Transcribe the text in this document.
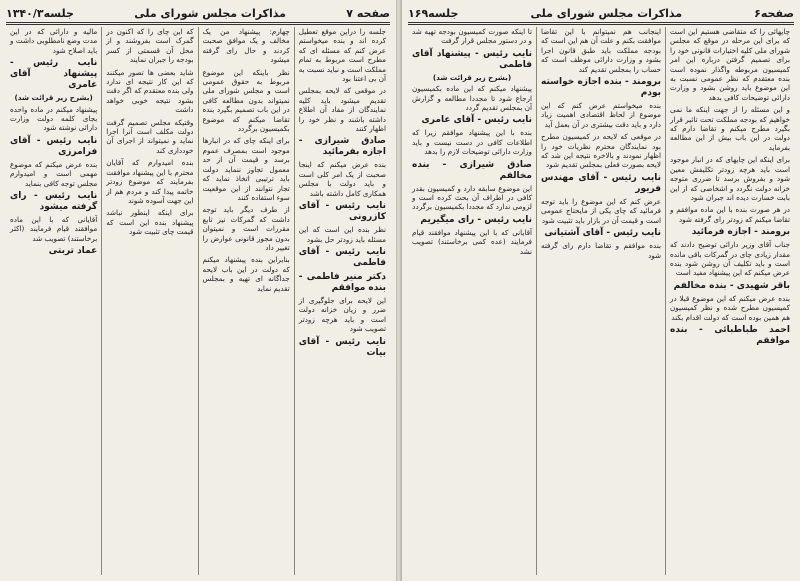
صفحه ۷
مذاکرات مجلس شورای ملی
جلسه۱۳۴۰/۳

جلسه را دراین موقع تعطیل کرده اند و بنده میخواستم عرض کنم که مسئله ای که مطرح است مربوط به تمام مملکت است و نباید نسبت به آن بی اعتنا بود

در موقعی که لایحه بمجلس تقدیم میشود باید کلیه نمایندگان از مفاد آن اطلاع داشته باشند و نظر خود را اظهار کنند

صادق شیرازی - اجازه بفرمائید

بنده عرض میکنم که اینجا صحبت از یک امر کلی است و باید دولت با مجلس همکاری کامل داشته باشد

نایب رئیس - آقای کازرونی

نظر بنده این است که این مسئله باید زودتر حل بشود

نایب رئیس - آقای فاطمی
دکتر منیر فاطمی - بنده موافقم

این لایحه برای جلوگیری از ضرر و زیان خزانه دولت است و باید هرچه زودتر تصویب شود

نایب رئیس - آقای بیات

چهارم: پیشنهاد من یک مخالف و یک موافق صحبت کردند و حال رای گرفته میشود

نظر باینکه این موضوع مربوط به حقوق عمومی است و مجلس شورای ملی نمیتواند بدون مطالعه کافی در این باب تصمیم بگیرد بنده تقاضا میکنم که موضوع بکمیسیون برگردد

برای اینکه چای که در انبارها موجود است بمصرف عموم برسد و قیمت آن از حد معمول تجاوز ننماید دولت باید ترتیبی اتخاذ نماید که تجار نتوانند از این موقعیت سوء استفاده کنند

از طرف دیگر باید توجه داشت که گمرکات نیز تابع مقررات است و نمیتوان بدون مجوز قانونی عوارض را تغییر داد

بنابراین بنده پیشنهاد میکنم که دولت در این باب لایحه جداگانه ای تهیه و بمجلس تقدیم نماید

که این چای را که اکنون در گمرک است بفروشند و از محل آن قسمتی از کسر بودجه را جبران نمایند

شاید بعضی ها تصور میکنند که این کار نتیجه ای ندارد ولی بنده معتقدم که اگر دقت بشود نتیجه خوبی خواهد داشت

وقتیکه مجلس تصمیم گرفت دولت مکلف است آنرا اجرا نماید و نمیتواند از اجرای آن خودداری کند

بنده امیدوارم که آقایان محترم با این پیشنهاد موافقت بفرمایند که موضوع زودتر خاتمه پیدا کند و مردم هم از این جهت آسوده شوند

برای اینکه اینطور نباشد پیشنهاد بنده این است که قیمت چای تثبیت شود

مالیه و دارائی که در این مدت وضع نامطلوبی داشت و باید اصلاح شود

نایب رئیس - پیشنهاد آقای عامری
(بشرح زیر قرائت شد)

پیشنهاد میکنم در ماده واحده بجای کلمه دولت وزارت دارائی نوشته شود

نایب رئیس - آقای فرامرزی

بنده عرض میکنم که موضوع مهمی است و امیدوارم مجلس توجه کافی بنماید

نایب رئیس - رای گرفته میشود

آقایانی که با این ماده موافقند قیام فرمایند (اکثر برخاستند) تصویب شد

عماد تربتی
صفحه۶
مذاکرات مجلس شورای ملی
جلسه۱۶۹

چایهائی را که متقاضی هستیم این است که برای این مرحله در موقع که مجلس شورای ملی کلیه اختیارات قانونی خود را برای تصمیم گرفتن درباره این امر کمیسیون مربوطه واگذار نموده است بنده معتقدم که نظر عمومی نسبت به این موضوع باید روشن بشود و وزارت دارائی توضیحات کافی بدهد

و این مسئله را از جهت اینکه ما نمی خواهیم که بودجه مملکت تحت تاثیر قرار بگیرد مطرح میکنم و تقاضا دارم که دولت در این باب بیش از این مطالعه بفرماید

برای اینکه این چایهای که در انبار موجود است باید هرچه زودتر تکلیفش معین شود و بفروش برسد تا ضرری متوجه خزانه دولت نگردد و اشخاصی که از این بابت خسارت دیده اند جبران شود

در هر صورت بنده با این ماده موافقم و تقاضا میکنم که زودتر رای گرفته شود

برومند - اجازه فرمائید

جناب آقای وزیر دارائی توضیح دادند که مقدار زیادی چای در گمرکات باقی مانده است و باید تکلیف آن روشن شود بنده عرض میکنم که این پیشنهاد مفید است

باقر شهیدی - بنده مخالفم

بنده عرض میکنم که این موضوع قبلا در کمیسیون مطرح شده و نظر کمیسیون هم همین بوده است که دولت اقدام بکند

احمد طباطبائی - بنده موافقم

اینجانب هم نمیتوانم با این تقاضا موافقت بکنم و علت آن هم این است که بودجه مملکت باید طبق قانون اجرا بشود و وزارت دارائی موظف است که حساب را بمجلس تقدیم کند

برومند - بنده اجازه خواسته بودم

بنده میخواستم عرض کنم که این موضوع از لحاظ اقتصادی اهمیت زیاد دارد و باید دقت بیشتری در آن بعمل آید

در موقعی که لایحه در کمیسیون مطرح بود نمایندگان محترم نظریات خود را اظهار نمودند و بالاخره نتیجه این شد که لایحه بصورت فعلی بمجلس تقدیم شود

نایب رئیس - آقای مهندس فریور

عرض کنم که این موضوع را باید توجه فرمائید که چای یکی از مایحتاج عمومی است و قیمت آن در بازار باید تثبیت شود

نایب رئیس - آقای آشتیانی

بنده موافقم و تقاضا دارم رای گرفته شود

تا اینکه صورت کمیسیون بودجه تهیه شد و در دستور مجلس قرار گرفت

نایب رئیس - پیشنهاد آقای فاطمی
(بشرح زیر قرائت شد)

پیشنهاد میکنم که این ماده بکمیسیون ارجاع شود تا مجددا مطالعه و گزارش آن بمجلس تقدیم گردد

نایب رئیس - آقای عامری

بنده با این پیشنهاد موافقم زیرا که اطلاعات کافی در دست نیست و باید وزارت دارائی توضیحات لازم را بدهد

صادق شیرازی - بنده مخالفم

این موضوع سابقه دارد و کمیسیون بقدر کافی در اطراف آن بحث کرده است و لزومی ندارد که مجددا بکمیسیون برگردد

نایب رئیس - رای میگیریم

آقایانی که با این پیشنهاد موافقند قیام فرمایند (عده کمی برخاستند) تصویب نشد
